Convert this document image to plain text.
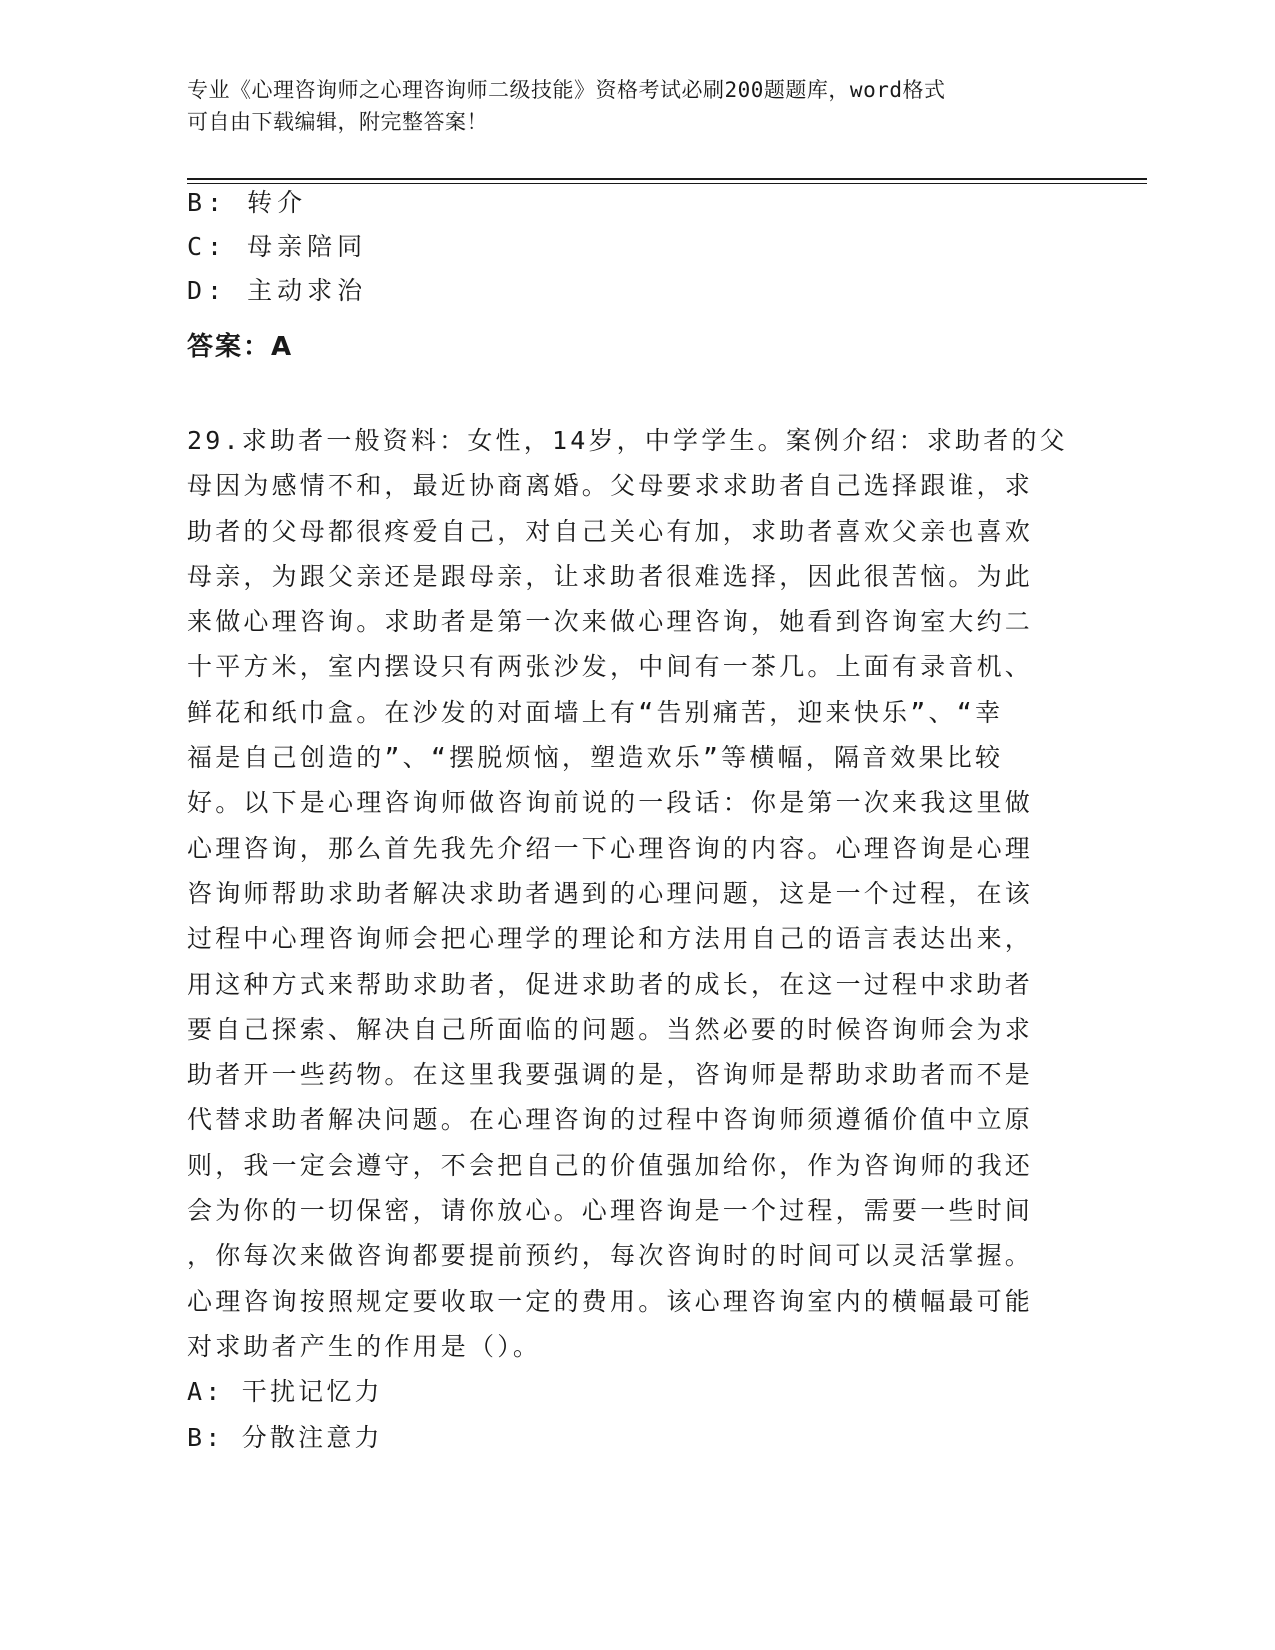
专业《心理咨询师之心理咨询师二级技能》资格考试必刷200题题库，word格式
可自由下载编辑，附完整答案！
B: 转介
C: 母亲陪同
D: 主动求治
答案：A
29.求助者一般资料：女性，14岁，中学学生。案例介绍：求助者的父
母因为感情不和，最近协商离婚。父母要求求助者自己选择跟谁，求
助者的父母都很疼爱自己，对自己关心有加，求助者喜欢父亲也喜欢
母亲，为跟父亲还是跟母亲，让求助者很难选择，因此很苦恼。为此
来做心理咨询。求助者是第一次来做心理咨询，她看到咨询室大约二
十平方米，室内摆设只有两张沙发，中间有一茶几。上面有录音机、
鲜花和纸巾盒。在沙发的对面墙上有“告别痛苦，迎来快乐”、“幸
福是自己创造的”、“摆脱烦恼，塑造欢乐”等横幅，隔音效果比较
好。以下是心理咨询师做咨询前说的一段话：你是第一次来我这里做
心理咨询，那么首先我先介绍一下心理咨询的内容。心理咨询是心理
咨询师帮助求助者解决求助者遇到的心理问题，这是一个过程，在该
过程中心理咨询师会把心理学的理论和方法用自己的语言表达出来，
用这种方式来帮助求助者，促进求助者的成长，在这一过程中求助者
要自己探索、解决自己所面临的问题。当然必要的时候咨询师会为求
助者开一些药物。在这里我要强调的是，咨询师是帮助求助者而不是
代替求助者解决问题。在心理咨询的过程中咨询师须遵循价值中立原
则，我一定会遵守，不会把自己的价值强加给你，作为咨询师的我还
会为你的一切保密，请你放心。心理咨询是一个过程，需要一些时间
，你每次来做咨询都要提前预约，每次咨询时的时间可以灵活掌握。
心理咨询按照规定要收取一定的费用。该心理咨询室内的横幅最可能
对求助者产生的作用是（）。
A: 干扰记忆力
B: 分散注意力
